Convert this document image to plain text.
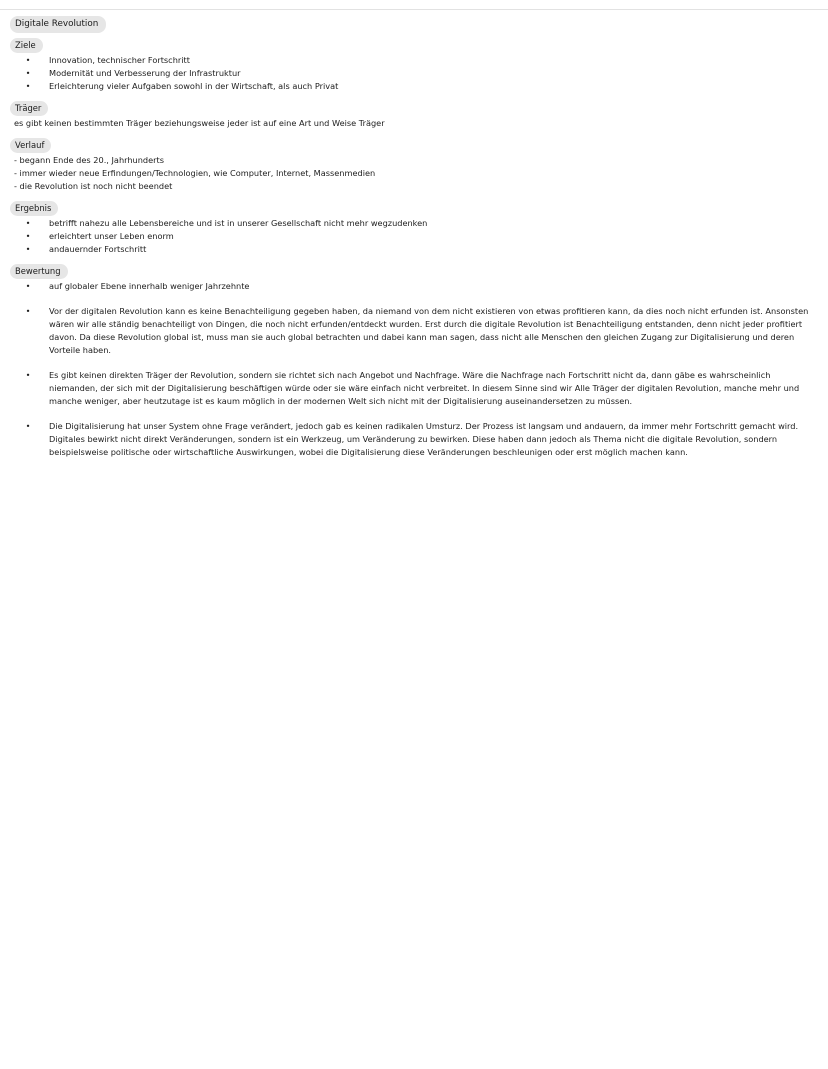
Digitale Revolution
Ziele
• Innovation, technischer Fortschritt
• Modernität und Verbesserung der Infrastruktur
• Erleichterung vieler Aufgaben sowohl in der Wirtschaft, als auch Privat
Träger
es gibt keinen bestimmten Träger beziehungsweise jeder ist auf eine Art und Weise Träger
Verlauf
- begann Ende des 20., Jahrhunderts
- immer wieder neue Erfindungen/Technologien, wie Computer, Internet, Massenmedien
- die Revolution ist noch nicht beendet
Ergebnis
• betrifft nahezu alle Lebensbereiche und ist in unserer Gesellschaft nicht mehr wegzudenken
• erleichtert unser Leben enorm
• andauernder Fortschritt
Bewertung
• auf globaler Ebene innerhalb weniger Jahrzehnte
• Vor der digitalen Revolution kann es keine Benachteiligung gegeben haben, da niemand von dem nicht existieren von etwas profitieren kann, da dies noch nicht erfunden ist. Ansonsten wären wir alle ständig benachteiligt von Dingen, die noch nicht erfunden/entdeckt wurden. Erst durch die digitale Revolution ist Benachteiligung entstanden, denn nicht jeder profitiert davon. Da diese Revolution global ist, muss man sie auch global betrachten und dabei kann man sagen, dass nicht alle Menschen den gleichen Zugang zur Digitalisierung und deren Vorteile haben.
• Es gibt keinen direkten Träger der Revolution, sondern sie richtet sich nach Angebot und Nachfrage. Wäre die Nachfrage nach Fortschritt nicht da, dann gäbe es wahrscheinlich niemanden, der sich mit der Digitalisierung beschäftigen würde oder sie wäre einfach nicht verbreitet. In diesem Sinne sind wir Alle Träger der digitalen Revolution, manche mehr und manche weniger, aber heutzutage ist es kaum möglich in der modernen Welt sich nicht mit der Digitalisierung auseinandersetzen zu müssen.
• Die Digitalisierung hat unser System ohne Frage verändert, jedoch gab es keinen radikalen Umsturz. Der Prozess ist langsam und andauern, da immer mehr Fortschritt gemacht wird. Digitales bewirkt nicht direkt Veränderungen, sondern ist ein Werkzeug, um Veränderung zu bewirken. Diese haben dann jedoch als Thema nicht die digitale Revolution, sondern beispielsweise politische oder wirtschaftliche Auswirkungen, wobei die Digitalisierung diese Veränderungen beschleunigen oder erst möglich machen kann.
